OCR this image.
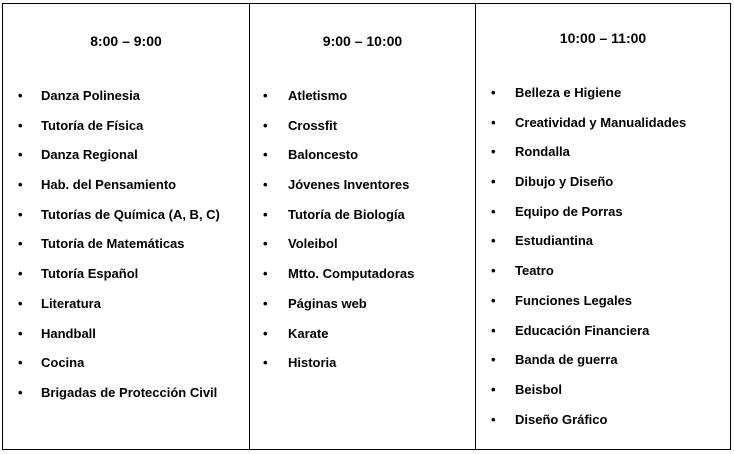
8:00 – 9:00
• Danza Polinesia
• Tutoría de Física
• Danza Regional
• Hab. del Pensamiento
• Tutorías de Química (A, B, C)
• Tutoría de Matemáticas
• Tutoría Español
• Literatura
• Handball
• Cocina
• Brigadas de Protección Civil
9:00 – 10:00
• Atletismo
• Crossfit
• Baloncesto
• Jóvenes Inventores
• Tutoría de Biología
• Voleibol
• Mtto. Computadoras
• Páginas web
• Karate
• Historia
10:00 – 11:00
• Belleza e Higiene
• Creatividad y Manualidades
• Rondalla
• Dibujo y Diseño
• Equipo de Porras
• Estudiantina
• Teatro
• Funciones Legales
• Educación Financiera
• Banda de guerra
• Beisbol
• Diseño Gráfico
